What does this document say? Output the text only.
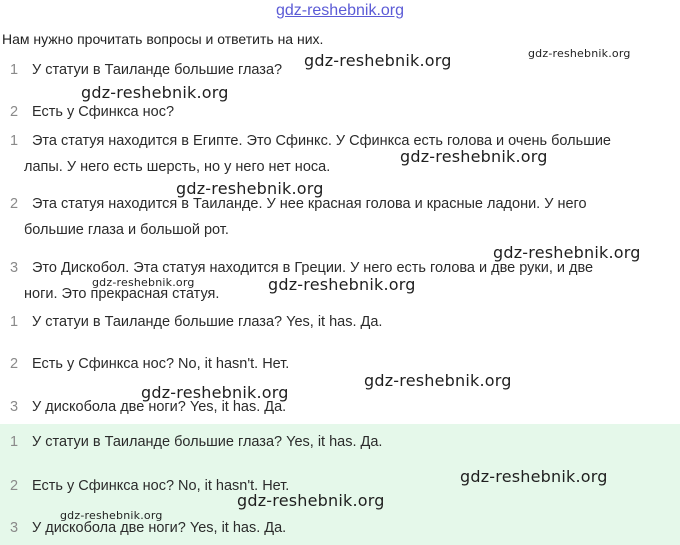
gdz-reshebnik.org
Нам нужно прочитать вопросы и ответить на них.
1 У статуи в Таиланде большие глаза?
2 Есть у Сфинкса нос?
1 Эта статуя находится в Египте. Это Сфинкс. У Сфинкса есть голова и очень большие
лапы. У него есть шерсть, но у него нет носа.
2 Эта статуя находится в Таиланде. У нее красная голова и красные ладони. У него
большие глаза и большой рот.
3 Это Дискобол. Эта статуя находится в Греции. У него есть голова и две руки, и две
ноги. Это прекрасная статуя.
1 У статуи в Таиланде большие глаза? Yes, it has. Да.
2 Есть у Сфинкса нос? No, it hasn't. Нет.
3 У дискобола две ноги? Yes, it has. Да.
1 У статуи в Таиланде большие глаза? Yes, it has. Да.
2 Есть у Сфинкса нос? No, it hasn't. Нет.
3 У дискобола две ноги? Yes, it has. Да.
gdz-reshebnik.org
gdz-reshebnik.org
gdz-reshebnik.org
gdz-reshebnik.org
gdz-reshebnik.org
gdz-reshebnik.org
gdz-reshebnik.org	gdz-reshebnik.org
gdz-reshebnik.org
gdz-reshebnik.org
gdz-reshebnik.org
gdz-reshebnik.org
gdz-reshebnik.org
